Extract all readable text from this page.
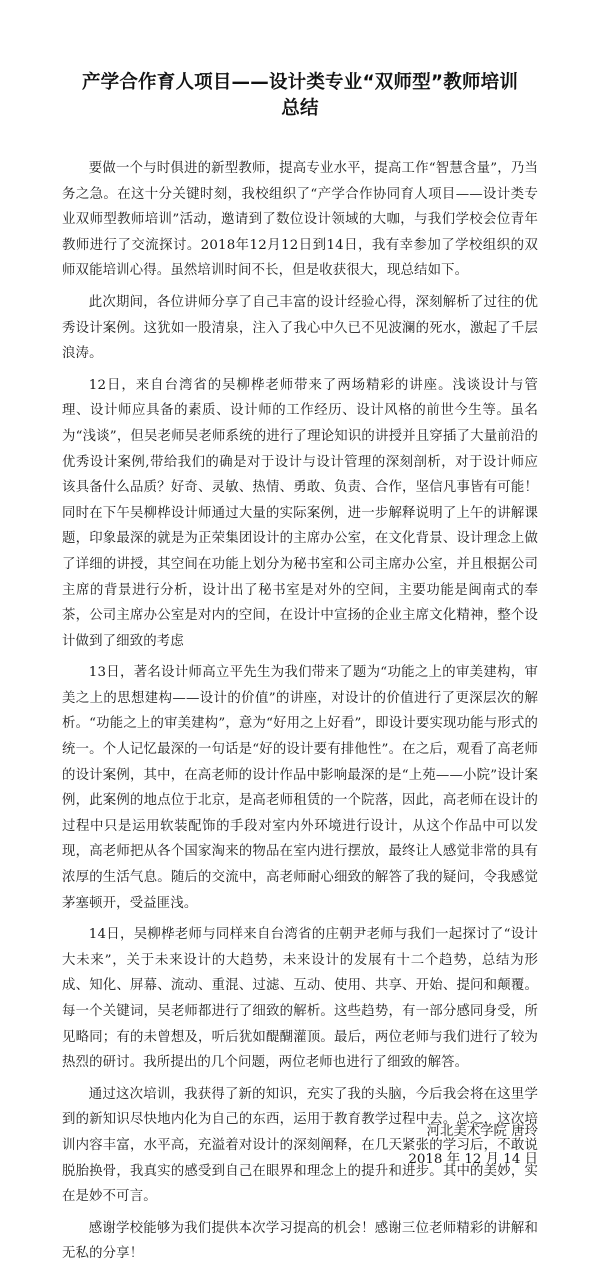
产学合作育人项目——设计类专业“双师型”教师培训
总结

要做一个与时俱进的新型教师，提高专业水平，提高工作“智慧含量”，乃当务之急。在这十分关键时刻，我校组织了“产学合作协同育人项目——设计类专业双师型教师培训”活动，邀请到了数位设计领域的大咖，与我们学校会位青年教师进行了交流探讨。2018年12月12日到14日，我有幸参加了学校组织的双师双能培训心得。虽然培训时间不长，但是收获很大，现总结如下。

此次期间，各位讲师分享了自己丰富的设计经验心得，深刻解析了过往的优秀设计案例。这犹如一股清泉，注入了我心中久已不见波澜的死水，激起了千层浪涛。

12日，来自台湾省的吴柳桦老师带来了两场精彩的讲座。浅谈设计与管理、设计师应具备的素质、设计师的工作经历、设计风格的前世今生等。虽名为“浅谈”，但吴老师吴老师系统的进行了理论知识的讲授并且穿插了大量前沿的优秀设计案例,带给我们的确是对于设计与设计管理的深刻剖析，对于设计师应该具备什么品质？好奇、灵敏、热情、勇敢、负责、合作，坚信凡事皆有可能！同时在下午吴柳桦设计师通过大量的实际案例，进一步解释说明了上午的讲解课题，印象最深的就是为正荣集团设计的主席办公室，在文化背景、设计理念上做了详细的讲授，其空间在功能上划分为秘书室和公司主席办公室，并且根据公司主席的背景进行分析，设计出了秘书室是对外的空间，主要功能是闽南式的奉茶，公司主席办公室是对内的空间，在设计中宣扬的企业主席文化精神，整个设计做到了细致的考虑

13日，著名设计师高立平先生为我们带来了题为“功能之上的审美建构，审美之上的思想建构——设计的价值”的讲座，对设计的价值进行了更深层次的解析。“功能之上的审美建构”，意为“好用之上好看”，即设计要实现功能与形式的统一。个人记忆最深的一句话是“好的设计要有排他性”。在之后，观看了高老师的设计案例，其中，在高老师的设计作品中影响最深的是“上苑——小院”设计案例，此案例的地点位于北京，是高老师租赁的一个院落，因此，高老师在设计的过程中只是运用软装配饰的手段对室内外环境进行设计，从这个作品中可以发现，高老师把从各个国家淘来的物品在室内进行摆放，最终让人感觉非常的具有浓厚的生活气息。随后的交流中，高老师耐心细致的解答了我的疑问，令我感觉茅塞顿开，受益匪浅。

14日，吴柳桦老师与同样来自台湾省的庄朝尹老师与我们一起探讨了“设计大未来”，关于未来设计的大趋势，未来设计的发展有十二个趋势，总结为形成、知化、屏幕、流动、重混、过滤、互动、使用、共享、开始、提问和颠覆。每一个关键词，吴老师都进行了细致的解析。这些趋势，有一部分感同身受，所见略同；有的未曾想及，听后犹如醍醐灌顶。最后，两位老师与我们进行了较为热烈的研讨。我所提出的几个问题，两位老师也进行了细致的解答。

通过这次培训，我获得了新的知识，充实了我的头脑，今后我会将在这里学到的新知识尽快地内化为自己的东西，运用于教育教学过程中去。总之，这次培训内容丰富，水平高，充溢着对设计的深刻阐释，在几天紧张的学习后，不敢说脱胎换骨，我真实的感受到自己在眼界和理念上的提升和进步。其中的美妙，实在是妙不可言。

感谢学校能够为我们提供本次学习提高的机会！感谢三位老师精彩的讲解和无私的分享！

河北美术学院 唐玲
2018 年 12 月 14 日
